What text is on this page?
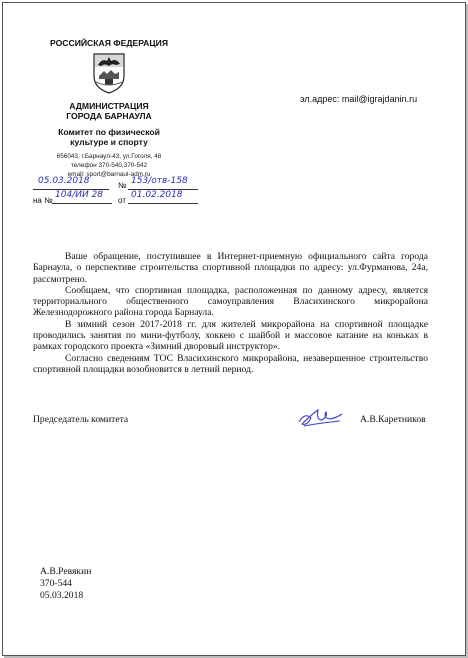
РОССИЙСКАЯ ФЕДЕРАЦИЯ
АДМИНИСТРАЦИЯ
ГОРОДА БАРНАУЛА
Комитет по физической
культуре и спорту
656043, г.Барнаул-43, ул.Гоголя, 48
телефон 370-540,370-542
email: sport@barnaul-adm.ru
05.03.2018	№ 153/отв-158
на №
104/ИИ 28
от
01.02.2018
эл.адрес: mail@igrajdanin.ru

Ваше обращение, поступившее в Интернет-приемную официального сайта города Барнаула, о перспективе строительства спортивной площадки по адресу: ул.Фурманова, 24а, рассмотрено.

Сообщаем, что спортивная площадка, расположенная по данному адресу, является территориального общественного самоуправления Власихинского микрорайона Железнодорожного района города Барнаула.

В зимний сезон 2017-2018 гг. для жителей микрорайона на спортивной площадке проводились занятия по мини-футболу, хоккею с шайбой и массовое катание на коньках в рамках городского проекта «Зимний дворовый инструктор».

Согласно сведениям ТОС Власихинского микрорайона, незавершенное строительство спортивной площадки возобновится в летний период.

Председатель комитета	А.В.Каретников
А.В.Ревякин
370-544
05.03.2018
